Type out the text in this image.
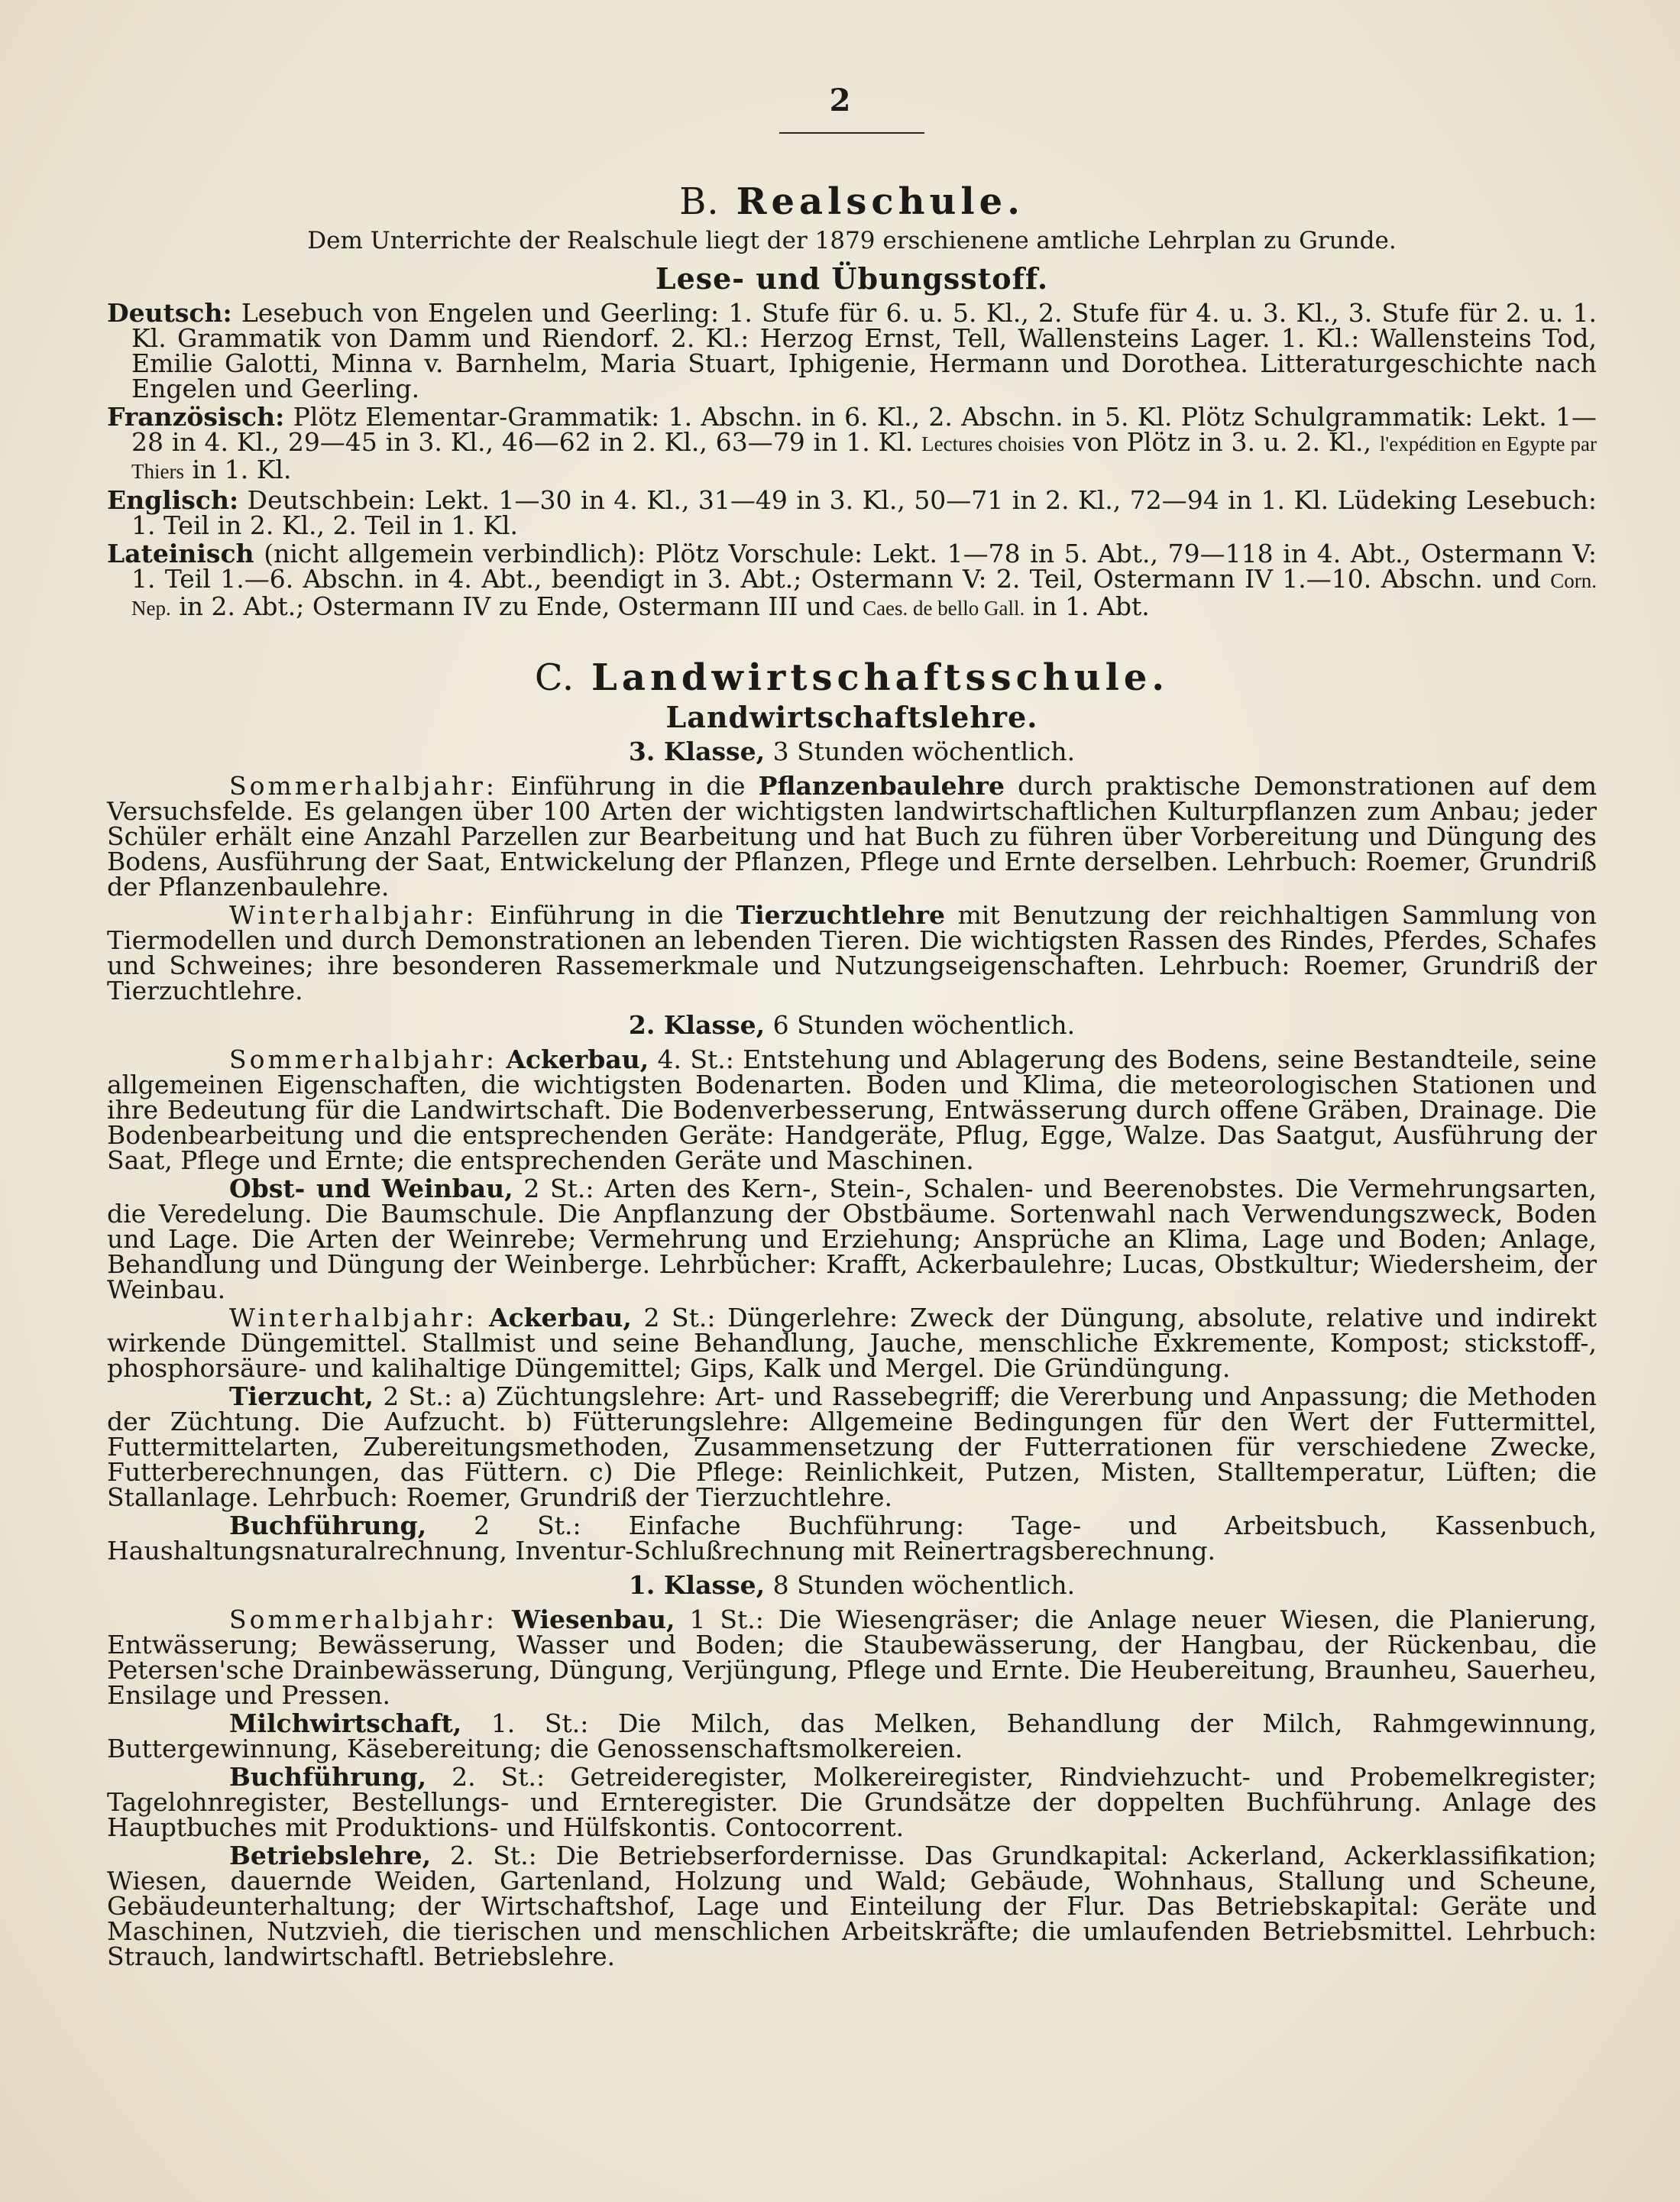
2
B. Realschule.
Dem Unterrichte der Realschule liegt der 1879 erschienene amtliche Lehrplan zu Grunde.
Lese- und Übungsstoff.

Deutsch: Lesebuch von Engelen und Geerling: 1. Stufe für 6. u. 5. Kl., 2. Stufe für 4. u. 3. Kl., 3. Stufe für 2. u. 1. Kl. Grammatik von Damm und Riendorf. 2. Kl.: Herzog Ernst, Tell, Wallensteins Lager. 1. Kl.: Wallensteins Tod, Emilie Galotti, Minna v. Barnhelm, Maria Stuart, Iphigenie, Hermann und Dorothea. Litteraturgeschichte nach Engelen und Geerling.

Französisch: Plötz Elementar-Grammatik: 1. Abschn. in 6. Kl., 2. Abschn. in 5. Kl. Plötz Schulgrammatik: Lekt. 1—28 in 4. Kl., 29—45 in 3. Kl., 46—62 in 2. Kl., 63—79 in 1. Kl. Lectures choisies von Plötz in 3. u. 2. Kl., l'expédition en Egypte par Thiers in 1. Kl.

Englisch: Deutschbein: Lekt. 1—30 in 4. Kl., 31—49 in 3. Kl., 50—71 in 2. Kl., 72—94 in 1. Kl. Lüdeking Lesebuch: 1. Teil in 2. Kl., 2. Teil in 1. Kl.

Lateinisch (nicht allgemein verbindlich): Plötz Vorschule: Lekt. 1—78 in 5. Abt., 79—118 in 4. Abt., Ostermann V: 1. Teil 1.—6. Abschn. in 4. Abt., beendigt in 3. Abt.; Ostermann V: 2. Teil, Ostermann IV 1.—10. Abschn. und Corn. Nep. in 2. Abt.; Ostermann IV zu Ende, Ostermann III und Caes. de bello Gall. in 1. Abt.

C. Landwirtschaftsschule.
Landwirtschaftslehre.
3. Klasse, 3 Stunden wöchentlich.

Sommerhalbjahr: Einführung in die Pflanzenbaulehre durch praktische Demonstrationen auf dem Versuchsfelde. Es gelangen über 100 Arten der wichtigsten landwirtschaftlichen Kulturpflanzen zum Anbau; jeder Schüler erhält eine Anzahl Parzellen zur Bearbeitung und hat Buch zu führen über Vorbereitung und Düngung des Bodens, Ausführung der Saat, Entwickelung der Pflanzen, Pflege und Ernte derselben. Lehrbuch: Roemer, Grundriß der Pflanzenbaulehre.

Winterhalbjahr: Einführung in die Tierzuchtlehre mit Benutzung der reichhaltigen Sammlung von Tiermodellen und durch Demonstrationen an lebenden Tieren. Die wichtigsten Rassen des Rindes, Pferdes, Schafes und Schweines; ihre besonderen Rassemerkmale und Nutzungseigenschaften. Lehrbuch: Roemer, Grundriß der Tierzuchtlehre.

2. Klasse, 6 Stunden wöchentlich.

Sommerhalbjahr: Ackerbau, 4. St.: Entstehung und Ablagerung des Bodens, seine Bestandteile, seine allgemeinen Eigenschaften, die wichtigsten Bodenarten. Boden und Klima, die meteorologischen Stationen und ihre Bedeutung für die Landwirtschaft. Die Bodenverbesserung, Entwässerung durch offene Gräben, Drainage. Die Bodenbearbeitung und die entsprechenden Geräte: Handgeräte, Pflug, Egge, Walze. Das Saatgut, Ausführung der Saat, Pflege und Ernte; die entsprechenden Geräte und Maschinen.

Obst- und Weinbau, 2 St.: Arten des Kern-, Stein-, Schalen- und Beerenobstes. Die Vermehrungsarten, die Veredelung. Die Baumschule. Die Anpflanzung der Obstbäume. Sortenwahl nach Verwendungszweck, Boden und Lage. Die Arten der Weinrebe; Vermehrung und Erziehung; Ansprüche an Klima, Lage und Boden; Anlage, Behandlung und Düngung der Weinberge. Lehrbücher: Krafft, Ackerbaulehre; Lucas, Obstkultur; Wiedersheim, der Weinbau.

Winterhalbjahr: Ackerbau, 2 St.: Düngerlehre: Zweck der Düngung, absolute, relative und indirekt wirkende Düngemittel. Stallmist und seine Behandlung, Jauche, menschliche Exkremente, Kompost; stickstoff-, phosphorsäure- und kalihaltige Düngemittel; Gips, Kalk und Mergel. Die Gründüngung.

Tierzucht, 2 St.: a) Züchtungslehre: Art- und Rassebegriff; die Vererbung und Anpassung; die Methoden der Züchtung. Die Aufzucht. b) Fütterungslehre: Allgemeine Bedingungen für den Wert der Futtermittel, Futtermittelarten, Zubereitungsmethoden, Zusammensetzung der Futterrationen für verschiedene Zwecke, Futterberechnungen, das Füttern. c) Die Pflege: Reinlichkeit, Putzen, Misten, Stalltemperatur, Lüften; die Stallanlage. Lehrbuch: Roemer, Grundriß der Tierzuchtlehre.

Buchführung, 2 St.: Einfache Buchführung: Tage- und Arbeitsbuch, Kassenbuch, Haushaltungsnaturalrechnung, Inventur-Schlußrechnung mit Reinertragsberechnung.

1. Klasse, 8 Stunden wöchentlich.

Sommerhalbjahr: Wiesenbau, 1 St.: Die Wiesengräser; die Anlage neuer Wiesen, die Planierung, Entwässerung; Bewässerung, Wasser und Boden; die Staubewässerung, der Hangbau, der Rückenbau, die Petersen'sche Drainbewässerung, Düngung, Verjüngung, Pflege und Ernte. Die Heubereitung, Braunheu, Sauerheu, Ensilage und Pressen.

Milchwirtschaft, 1. St.: Die Milch, das Melken, Behandlung der Milch, Rahmgewinnung, Buttergewinnung, Käsebereitung; die Genossenschaftsmolkereien.

Buchführung, 2. St.: Getreideregister, Molkereiregister, Rindviehzucht- und Probemelkregister; Tagelohnregister, Bestellungs- und Ernteregister. Die Grundsätze der doppelten Buchführung. Anlage des Hauptbuches mit Produktions- und Hülfskontis. Contocorrent.

Betriebslehre, 2. St.: Die Betriebserfordernisse. Das Grundkapital: Ackerland, Ackerklassifikation; Wiesen, dauernde Weiden, Gartenland, Holzung und Wald; Gebäude, Wohnhaus, Stallung und Scheune, Gebäudeunterhaltung; der Wirtschaftshof, Lage und Einteilung der Flur. Das Betriebskapital: Geräte und Maschinen, Nutzvieh, die tierischen und menschlichen Arbeitskräfte; die umlaufenden Betriebsmittel. Lehrbuch: Strauch, landwirtschaftl. Betriebslehre.
